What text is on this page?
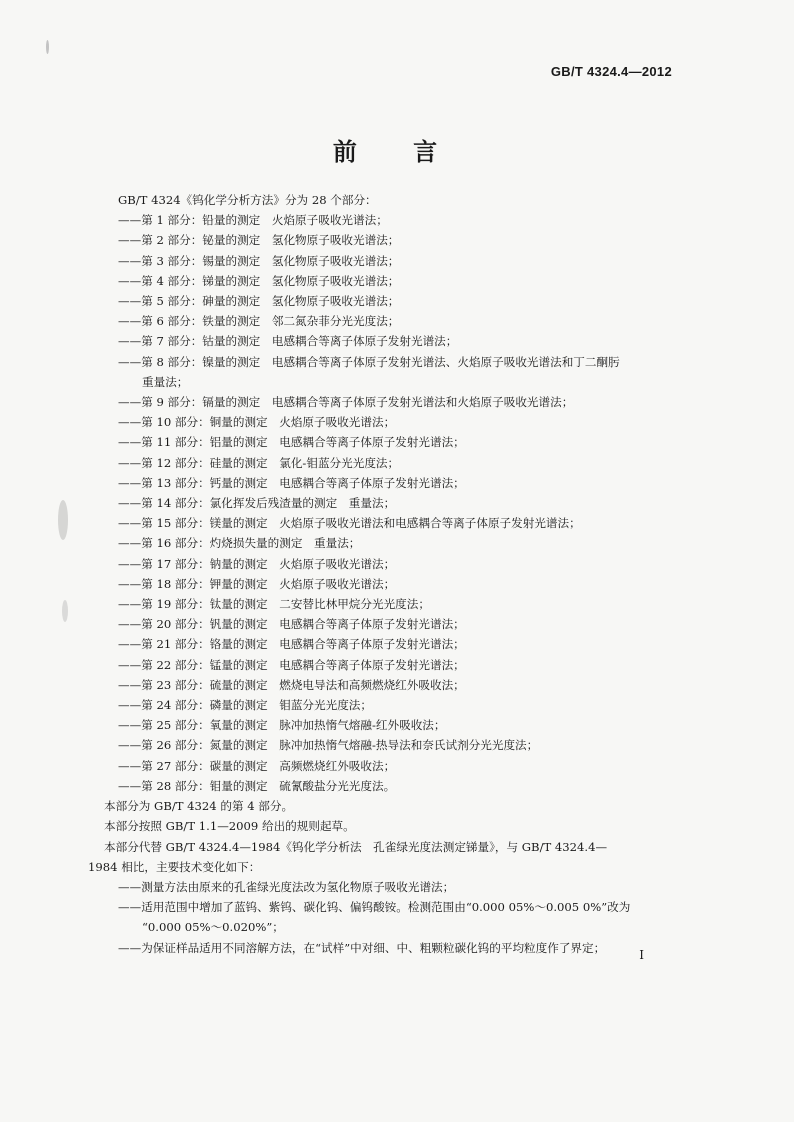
GB/T 4324.4—2012
前 言
GB/T 4324《钨化学分析方法》分为 28 个部分：
——第 1 部分：铅量的测定　火焰原子吸收光谱法；
——第 2 部分：铋量的测定　氢化物原子吸收光谱法；
——第 3 部分：锡量的测定　氢化物原子吸收光谱法；
——第 4 部分：锑量的测定　氢化物原子吸收光谱法；
——第 5 部分：砷量的测定　氢化物原子吸收光谱法；
——第 6 部分：铁量的测定　邻二氮杂菲分光光度法；
——第 7 部分：钴量的测定　电感耦合等离子体原子发射光谱法；
——第 8 部分：镍量的测定　电感耦合等离子体原子发射光谱法、火焰原子吸收光谱法和丁二酮肟
重量法；
——第 9 部分：镉量的测定　电感耦合等离子体原子发射光谱法和火焰原子吸收光谱法；
——第 10 部分：铜量的测定　火焰原子吸收光谱法；
——第 11 部分：铝量的测定　电感耦合等离子体原子发射光谱法；
——第 12 部分：硅量的测定　氯化-钼蓝分光光度法；
——第 13 部分：钙量的测定　电感耦合等离子体原子发射光谱法；
——第 14 部分：氯化挥发后残渣量的测定　重量法；
——第 15 部分：镁量的测定　火焰原子吸收光谱法和电感耦合等离子体原子发射光谱法；
——第 16 部分：灼烧损失量的测定　重量法；
——第 17 部分：钠量的测定　火焰原子吸收光谱法；
——第 18 部分：钾量的测定　火焰原子吸收光谱法；
——第 19 部分：钛量的测定　二安替比林甲烷分光光度法；
——第 20 部分：钒量的测定　电感耦合等离子体原子发射光谱法；
——第 21 部分：铬量的测定　电感耦合等离子体原子发射光谱法；
——第 22 部分：锰量的测定　电感耦合等离子体原子发射光谱法；
——第 23 部分：硫量的测定　燃烧电导法和高频燃烧红外吸收法；
——第 24 部分：磷量的测定　钼蓝分光光度法；
——第 25 部分：氧量的测定　脉冲加热惰气熔融-红外吸收法；
——第 26 部分：氮量的测定　脉冲加热惰气熔融-热导法和奈氏试剂分光光度法；
——第 27 部分：碳量的测定　高频燃烧红外吸收法；
——第 28 部分：钼量的测定　硫氰酸盐分光光度法。
本部分为 GB/T 4324 的第 4 部分。
本部分按照 GB/T 1.1—2009 给出的规则起草。
本部分代替 GB/T 4324.4—1984《钨化学分析法　孔雀绿光度法测定锑量》，与 GB/T 4324.4—
1984 相比，主要技术变化如下：
——测量方法由原来的孔雀绿光度法改为氢化物原子吸收光谱法；
——适用范围中增加了蓝钨、紫钨、碳化钨、偏钨酸铵。检测范围由“0.000 05%～0.005 0%”改为
“0.000 05%～0.020%”；
——为保证样品适用不同溶解方法，在“试样”中对细、中、粗颗粒碳化钨的平均粒度作了界定；
I
